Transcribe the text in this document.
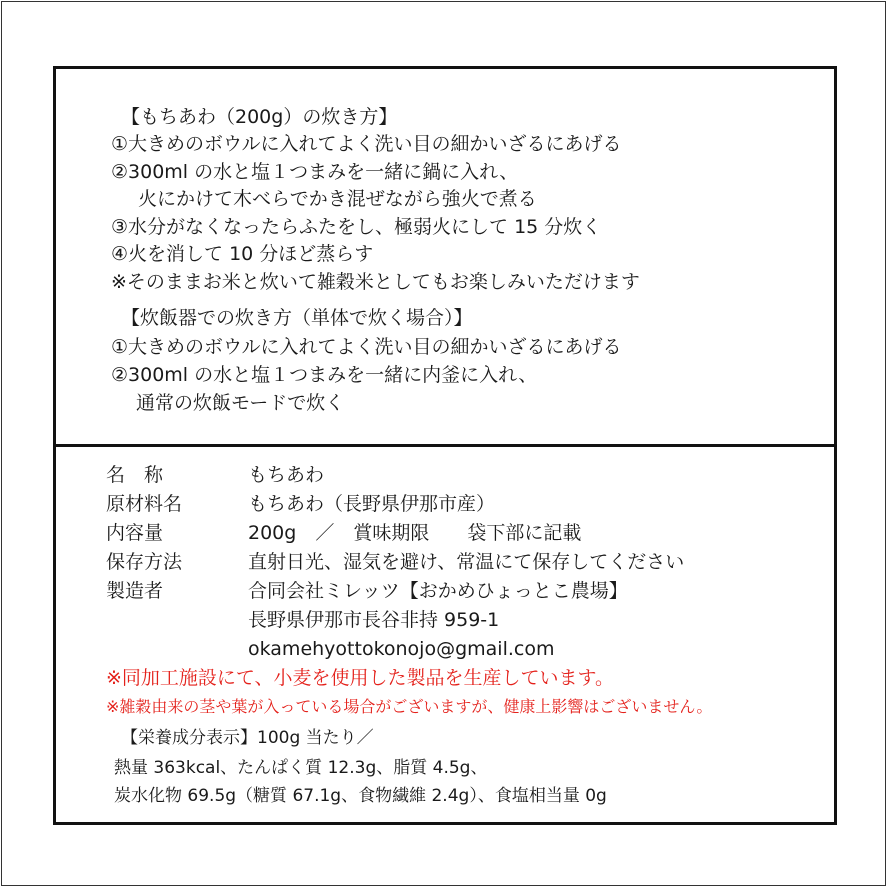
【もちあわ（200g）の炊き方】
①大きめのボウルに入れてよく洗い目の細かいざるにあげる
②300ml の水と塩１つまみを一緒に鍋に入れ、
火にかけて木べらでかき混ぜながら強火で煮る
③水分がなくなったらふたをし、極弱火にして 15 分炊く
④火を消して 10 分ほど蒸らす
※そのままお米と炊いて雑穀米としてもお楽しみいただけます
【炊飯器での炊き方（単体で炊く場合）】
①大きめのボウルに入れてよく洗い目の細かいざるにあげる
②300ml の水と塩１つまみを一緒に内釜に入れ、
通常の炊飯モードで炊く
名　称	もちあわ
原材料名	もちあわ（長野県伊那市産）
内容量	200g　／　賞味期限　　袋下部に記載
保存方法	直射日光、湿気を避け、常温にて保存してください
製造者	合同会社ミレッツ【おかめひょっとこ農場】
長野県伊那市長谷非持 959-1
okamehyottokonojo@gmail.com
※同加工施設にて、小麦を使用した製品を生産しています。
※雑穀由来の茎や葉が入っている場合がございますが、健康上影響はございません。
【栄養成分表示】100g 当たり／
熱量 363kcal、たんぱく質 12.3g、脂質 4.5g、
炭水化物 69.5g（糖質 67.1g、食物繊維 2.4g）、食塩相当量 0g
